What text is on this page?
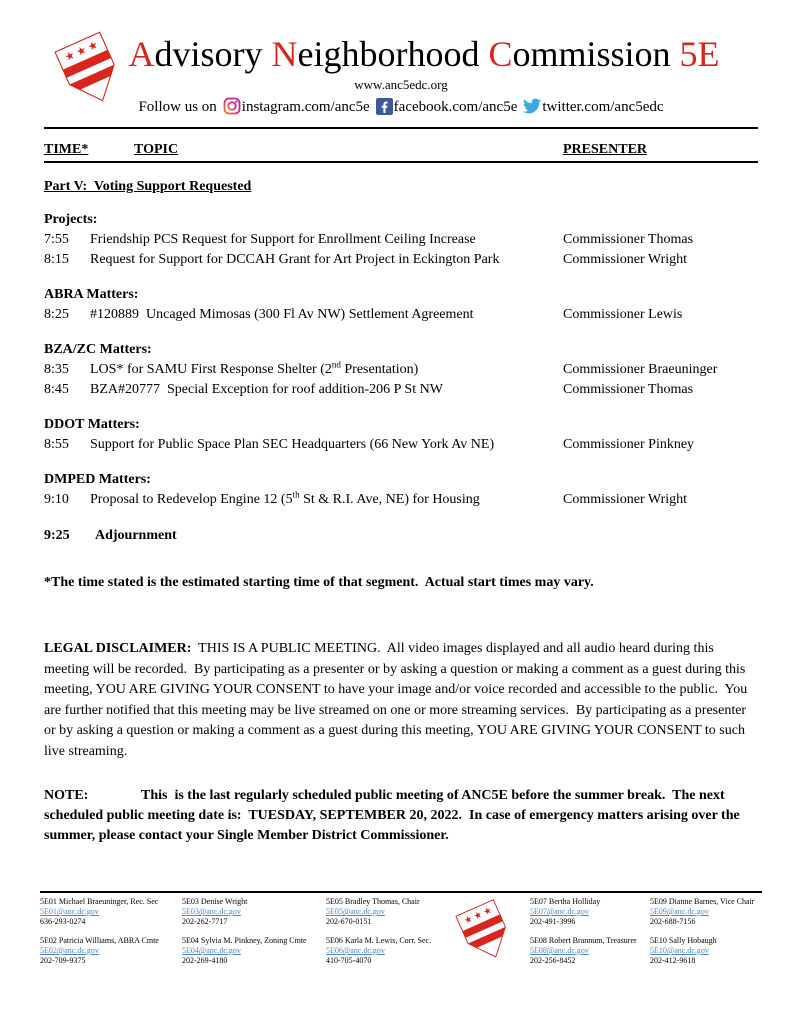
Advisory Neighborhood Commission 5E
www.anc5edc.org
Follow us on instagram.com/anc5e facebook.com/anc5e twitter.com/anc5edc
TIME*	TOPIC	PRESENTER
Part V:  Voting Support Requested
Projects:
7:55	Friendship PCS Request for Support for Enrollment Ceiling Increase	Commissioner Thomas
8:15	Request for Support for DCCAH Grant for Art Project in Eckington Park	Commissioner Wright
ABRA Matters:
8:25	#120889  Uncaged Mimosas (300 Fl Av NW) Settlement Agreement	Commissioner Lewis
BZA/ZC Matters:
8:35	LOS* for SAMU First Response Shelter (2nd Presentation)	Commissioner Braeuninger
8:45	BZA#20777  Special Exception for roof addition-206 P St NW	Commissioner Thomas
DDOT Matters:
8:55	Support for Public Space Plan SEC Headquarters (66 New York Av NE)	Commissioner Pinkney
DMPED Matters:
9:10	Proposal to Redevelop Engine 12 (5th St & R.I. Ave, NE) for Housing	Commissioner Wright
9:25	Adjournment
*The time stated is the estimated starting time of that segment.  Actual start times may vary.

LEGAL DISCLAIMER:  THIS IS A PUBLIC MEETING.  All video images displayed and all audio heard during this meeting will be recorded.  By participating as a presenter or by asking a question or making a comment as a guest during this meeting, YOU ARE GIVING YOUR CONSENT to have your image and/or voice recorded and accessible to the public.  You are further notified that this meeting may be live streamed on one or more streaming services.  By participating as a presenter or by asking a question or making a comment as a guest during this meeting, YOU ARE GIVING YOUR CONSENT to such live streaming.

NOTE:	This  is the last regularly scheduled public meeting of ANC5E before the summer break.  The next scheduled public meeting date is:  TUESDAY, SEPTEMBER 20, 2022.  In case of emergency matters arising over the summer, please contact your Single Member District Commissioner.

5E01 Michael Braeuninger, Rec. Sec
5E01@anc.dc.gov
636-293-0274
5E02 Patricia Williams, ABRA Cmte
5E02@anc.dc.gov
202-709-9375
5E03 Denise Wright
5E03@anc.dc.gov
202-262-7717
5E04 Sylvia M. Pinkney, Zoning Cmte
5E04@anc.dc.gov
202-269-4180
5E05 Bradley Thomas, Chair
5E05@anc.dc.gov
202-670-0151
5E06 Karla M. Lewis, Corr. Sec.
5E06@anc.dc.gov
410-705-4070
5E07 Bertha Holliday
5E07@anc.dc.gov
202-491-3996
5E08 Robert Brannum, Treasurer
5E08@anc.dc.gov
202-256-8452
5E09 Dianne Barnes, Vice Chair
5E09@anc.dc.gov
202-688-7156
5E10 Sally Hobaugh
5E10@anc.dc.gov
202-412-9618
